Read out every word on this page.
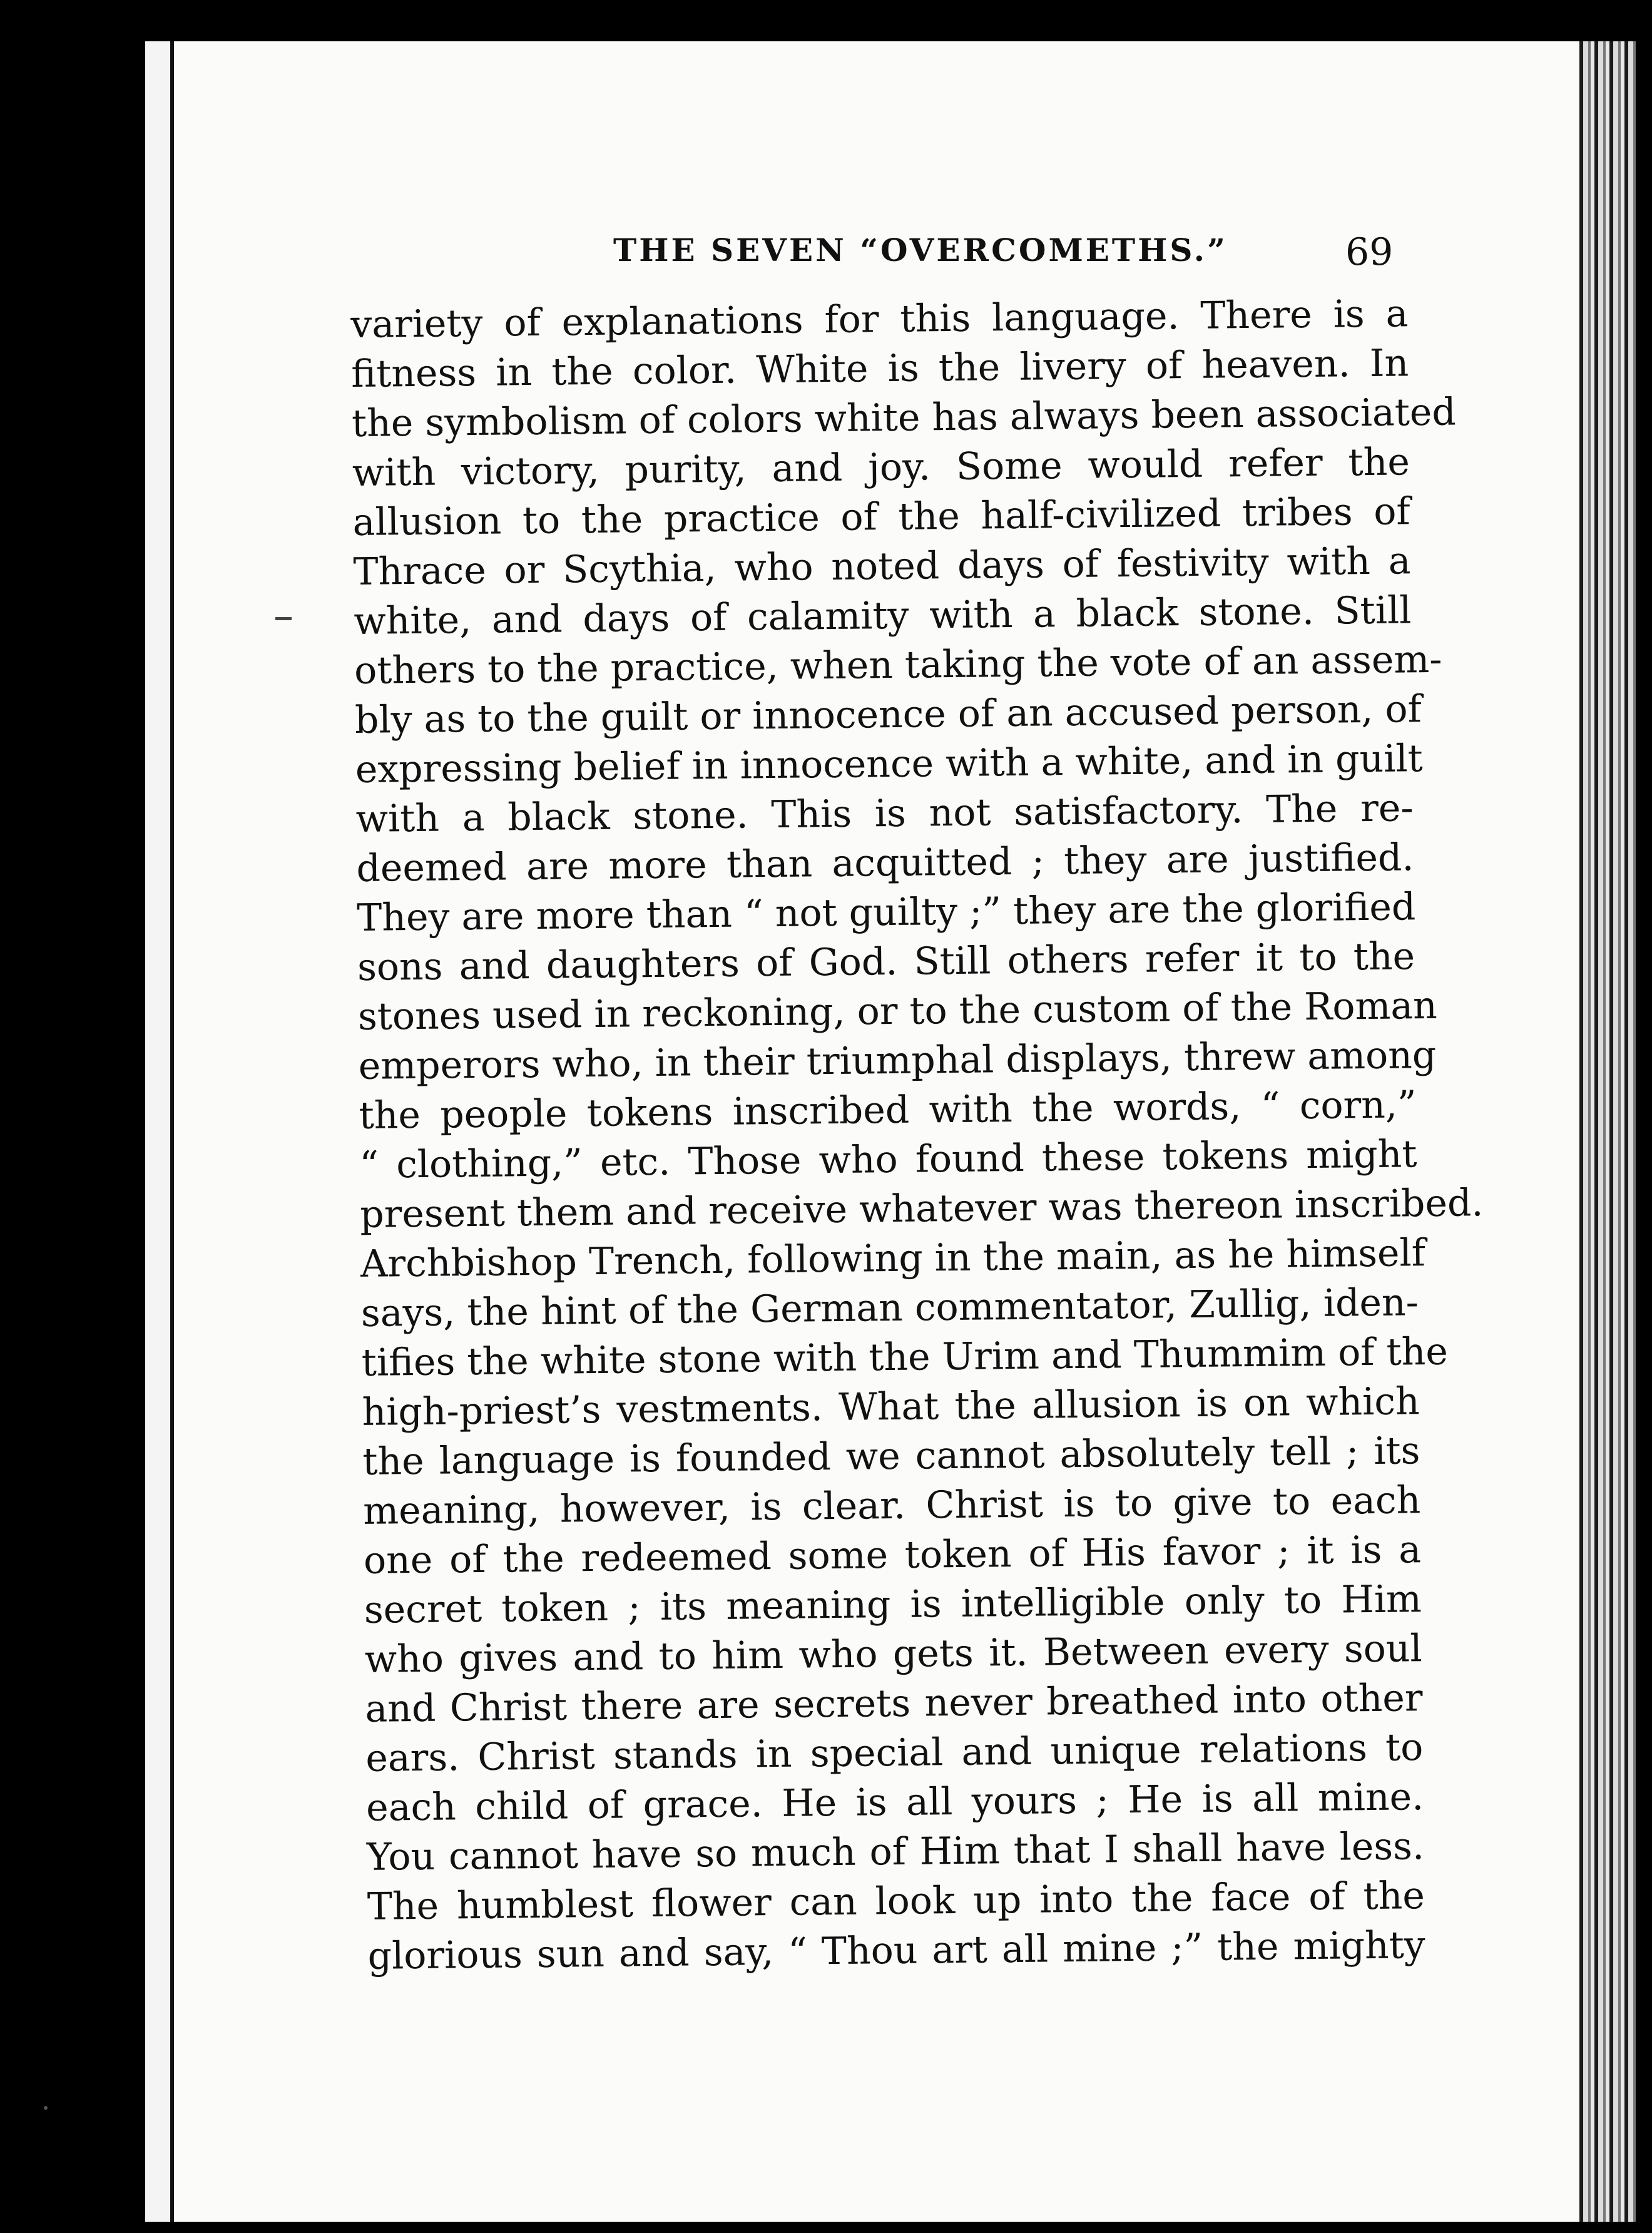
THE SEVEN “OVERCOMETHS.”	69
variety of explanations for this language. There is a
fitness in the color. White is the livery of heaven. In
the symbolism of colors white has always been associated
with victory, purity, and joy. Some would refer the
allusion to the practice of the half-civilized tribes of
Thrace or Scythia, who noted days of festivity with a
white, and days of calamity with a black stone. Still
others to the practice, when taking the vote of an assem-
bly as to the guilt or innocence of an accused person, of
expressing belief in innocence with a white, and in guilt
with a black stone. This is not satisfactory. The re-
deemed are more than acquitted ; they are justified.
They are more than “ not guilty ;” they are the glorified
sons and daughters of God. Still others refer it to the
stones used in reckoning, or to the custom of the Roman
emperors who, in their triumphal displays, threw among
the people tokens inscribed with the words, “ corn,”
“ clothing,” etc. Those who found these tokens might
present them and receive whatever was thereon inscribed.
Archbishop Trench, following in the main, as he himself
says, the hint of the German commentator, Zullig, iden-
tifies the white stone with the Urim and Thummim of the
high-priest’s vestments. What the allusion is on which
the language is founded we cannot absolutely tell ; its
meaning, however, is clear. Christ is to give to each
one of the redeemed some token of His favor ; it is a
secret token ; its meaning is intelligible only to Him
who gives and to him who gets it. Between every soul
and Christ there are secrets never breathed into other
ears. Christ stands in special and unique relations to
each child of grace. He is all yours ; He is all mine.
You cannot have so much of Him that I shall have less.
The humblest flower can look up into the face of the
glorious sun and say, “ Thou art all mine ;” the mighty
